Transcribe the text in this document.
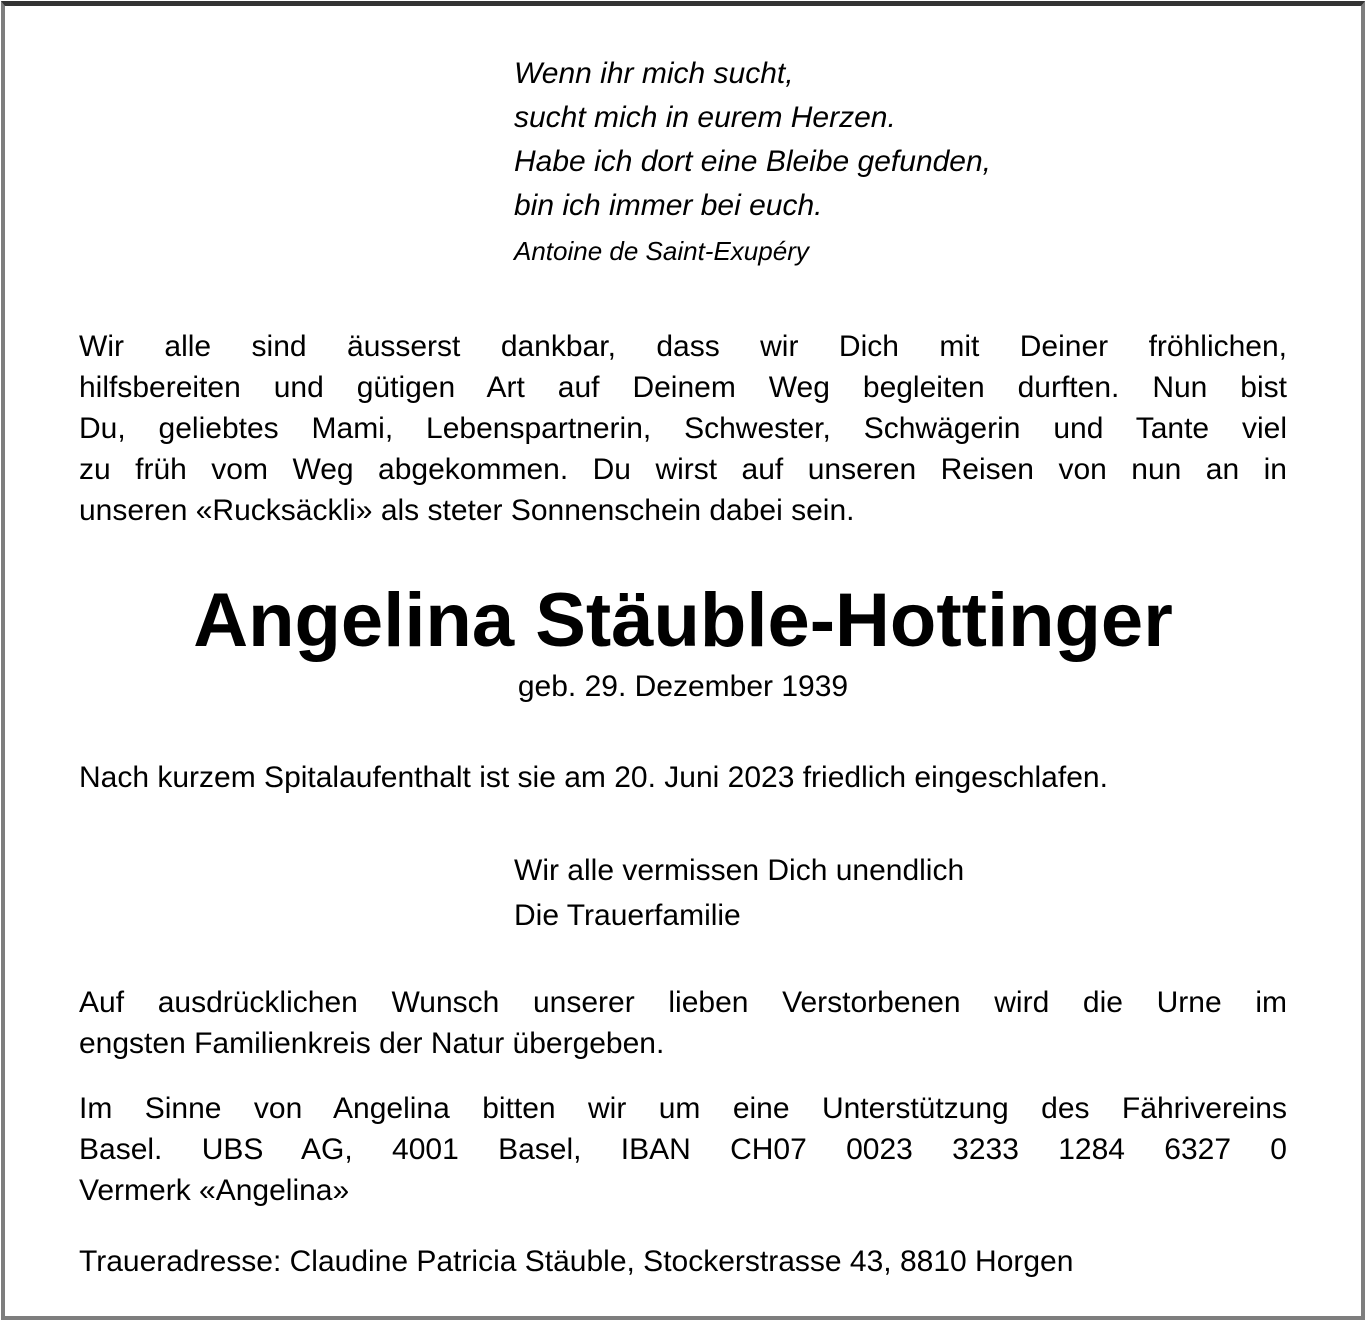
Wenn ihr mich sucht,
sucht mich in eurem Herzen.
Habe ich dort eine Bleibe gefunden,
bin ich immer bei euch.
Antoine de Saint-Exupéry
Wir alle sind äusserst dankbar, dass wir Dich mit Deiner fröhlichen,
hilfsbereiten und gütigen Art auf Deinem Weg begleiten durften. Nun bist
Du, geliebtes Mami, Lebenspartnerin, Schwester, Schwägerin und Tante viel
zu früh vom Weg abgekommen. Du wirst auf unseren Reisen von nun an in
unseren «Rucksäckli» als steter Sonnenschein dabei sein.
Angelina Stäuble-Hottinger
geb. 29. Dezember 1939
Nach kurzem Spitalaufenthalt ist sie am 20. Juni 2023 friedlich eingeschlafen.
Wir alle vermissen Dich unendlich
Die Trauerfamilie
Auf ausdrücklichen Wunsch unserer lieben Verstorbenen wird die Urne im
engsten Familienkreis der Natur übergeben.
Im Sinne von Angelina bitten wir um eine Unterstützung des Fährivereins
Basel. UBS AG, 4001 Basel, IBAN CH07 0023 3233 1284 6327 0
Vermerk «Angelina»
Traueradresse: Claudine Patricia Stäuble, Stockerstrasse 43, 8810 Horgen
